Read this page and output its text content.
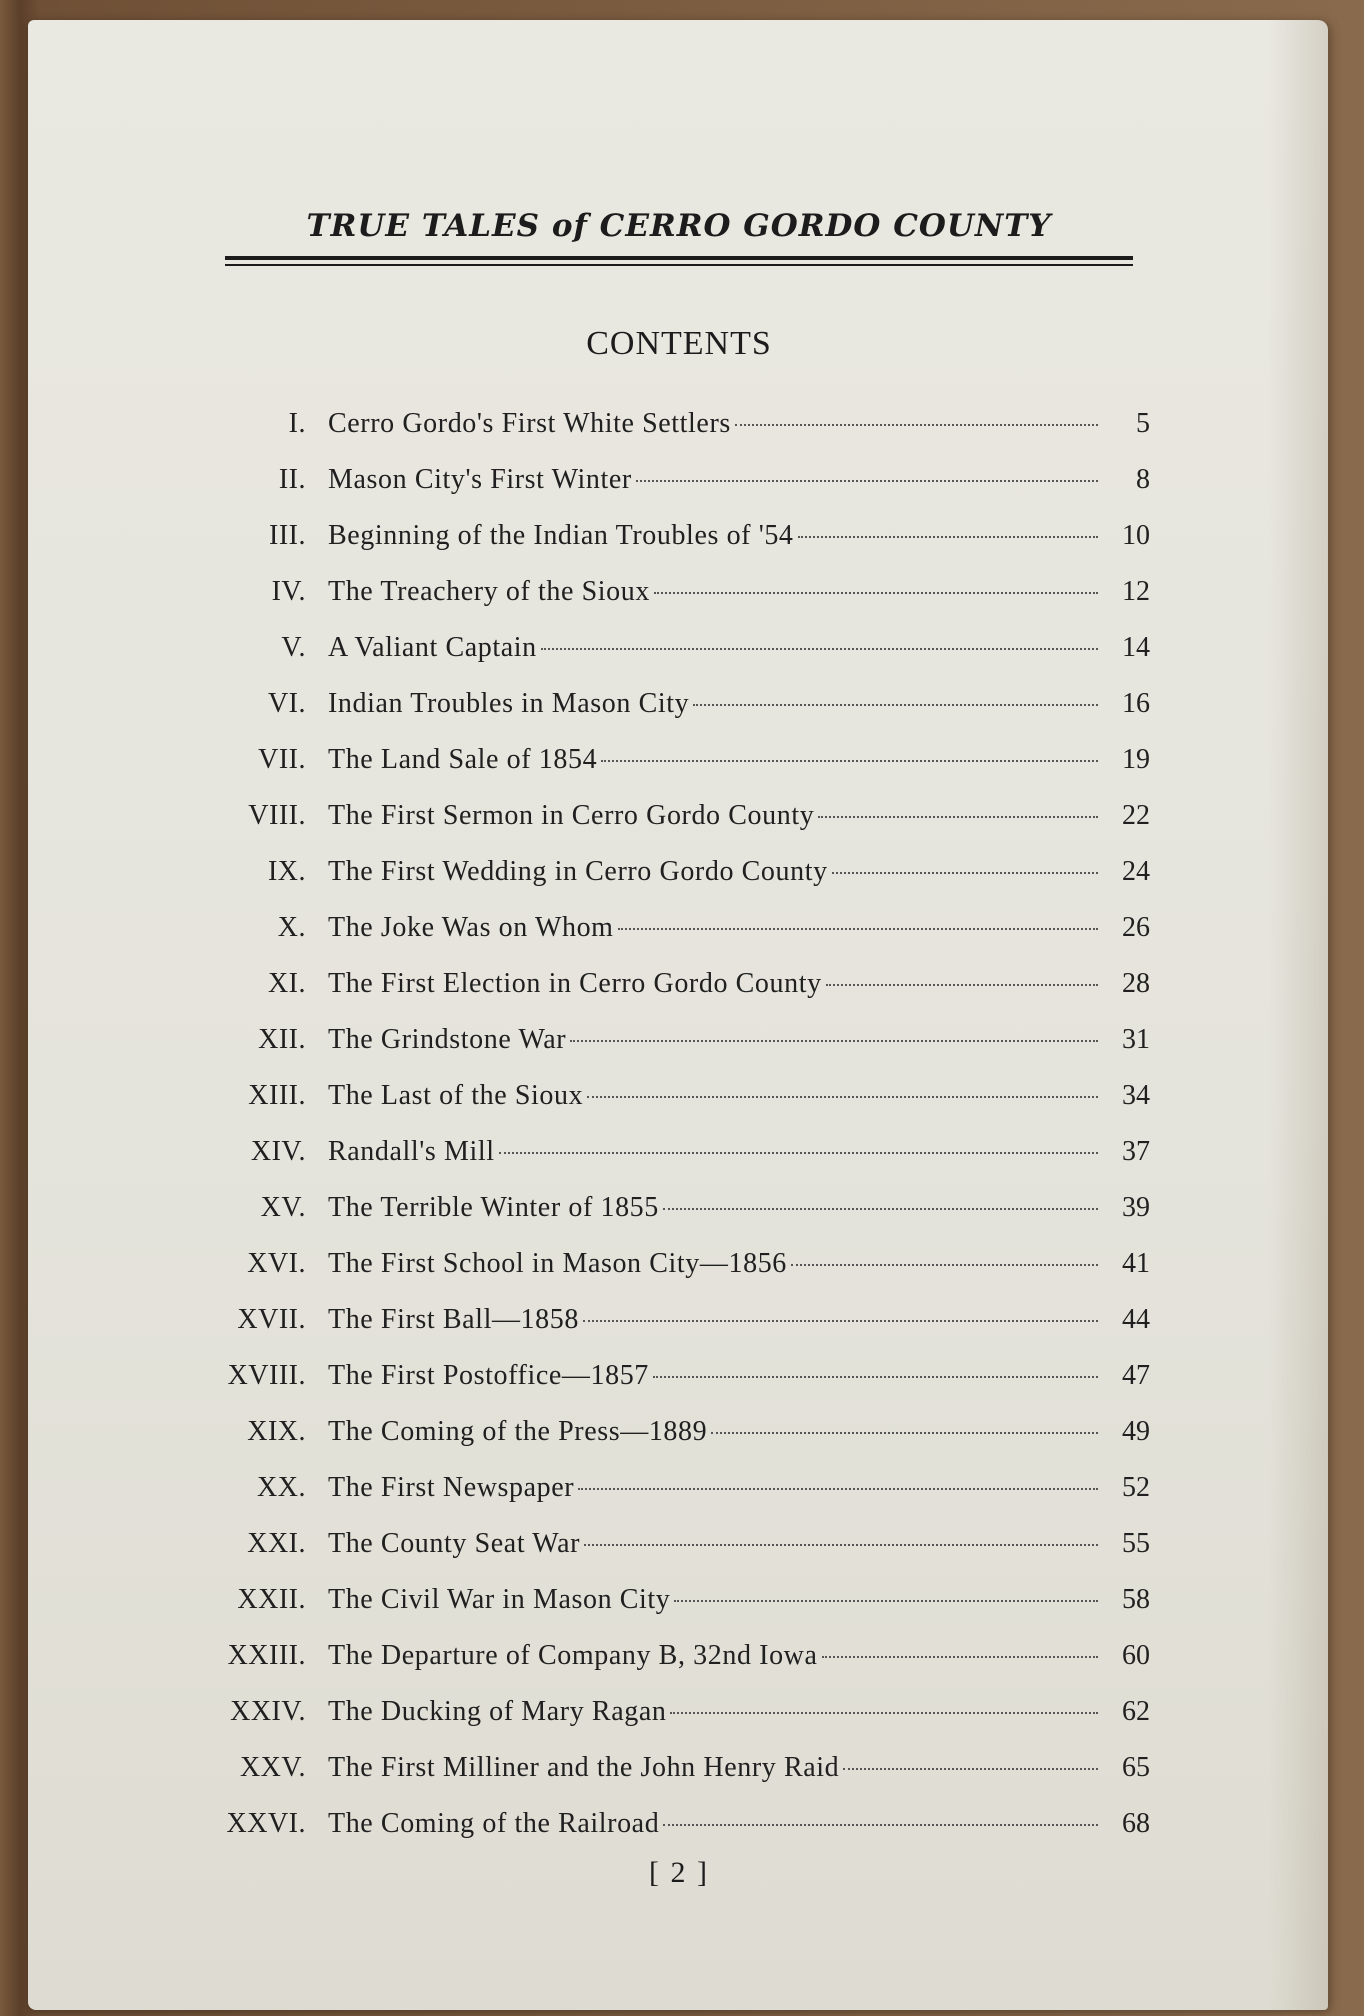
TRUE TALES of CERRO GORDO COUNTY
CONTENTS
I. Cerro Gordo's First White Settlers	5
II. Mason City's First Winter	8
III. Beginning of the Indian Troubles of '54	10
IV. The Treachery of the Sioux	12
V. A Valiant Captain	14
VI. Indian Troubles in Mason City	16
VII. The Land Sale of 1854	19
VIII. The First Sermon in Cerro Gordo County	22
IX. The First Wedding in Cerro Gordo County	24
X. The Joke Was on Whom	26
XI. The First Election in Cerro Gordo County	28
XII. The Grindstone War	31
XIII. The Last of the Sioux	34
XIV. Randall's Mill	37
XV. The Terrible Winter of 1855	39
XVI. The First School in Mason City—1856	41
XVII. The First Ball—1858	44
XVIII. The First Postoffice—1857	47
XIX. The Coming of the Press—1889	49
XX. The First Newspaper	52
XXI. The County Seat War	55
XXII. The Civil War in Mason City	58
XXIII. The Departure of Company B, 32nd Iowa	60
XXIV. The Ducking of Mary Ragan	62
XXV. The First Milliner and the John Henry Raid	65
XXVI. The Coming of the Railroad	68
[ 2 ]
